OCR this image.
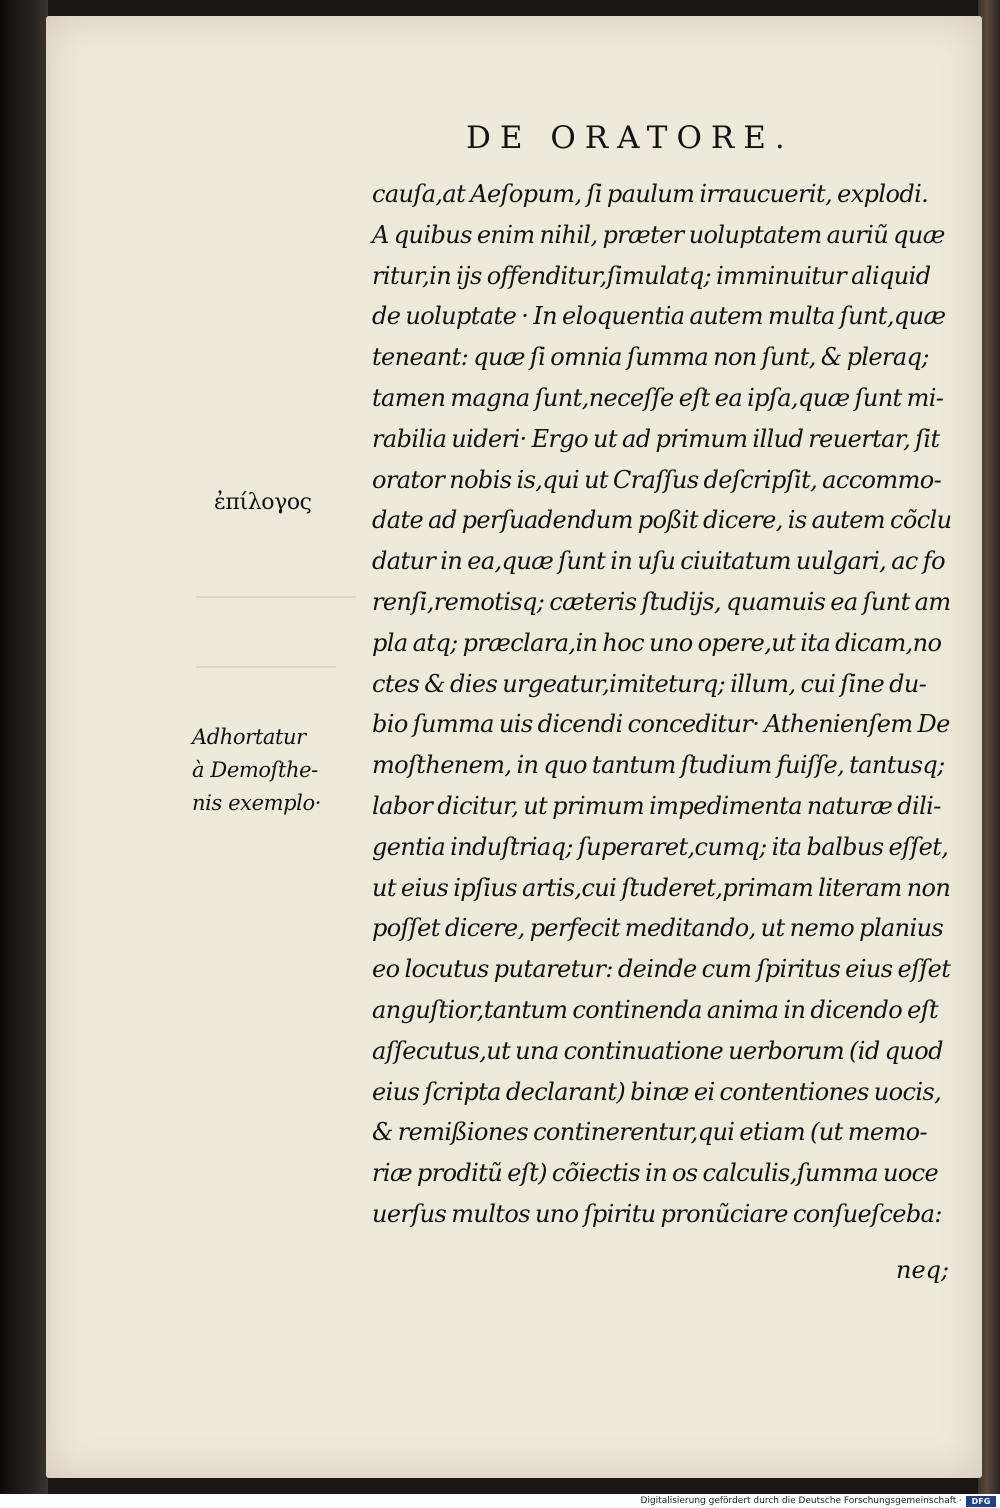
DE ORATORE.
ἐπίλογος
Adhortatur
à Demoſthe-
nis exemplo·
cauſa,at Aeſopum, ſi paulum irraucuerit, explodi.
A quibus enim nihil, præter uoluptatem auriũ quæ
ritur,in ijs offenditur,ſimulatq; imminuitur aliquid
de uoluptate · In eloquentia autem multa ſunt,quæ
teneant: quæ ſi omnia ſumma non ſunt, & pleraq;
tamen magna ſunt,neceſſe eſt ea ipſa,quæ ſunt mi-
rabilia uideri· Ergo ut ad primum illud reuertar, ſit
orator nobis is,qui ut Craſſus deſcripſit, accommo-
date ad perſuadendum poßit dicere, is autem cõclu
datur in ea,quæ ſunt in uſu ciuitatum uulgari, ac fo
renſi,remotisq; cæteris ſtudijs, quamuis ea ſunt am
pla atq; præclara,in hoc uno opere,ut ita dicam,no
ctes & dies urgeatur,imiteturq; illum, cui ſine du-
bio ſumma uis dicendi conceditur· Athenienſem De
moſthenem, in quo tantum ſtudium fuiſſe, tantusq;
labor dicitur, ut primum impedimenta naturæ dili-
gentia induſtriaq; ſuperaret,cumq; ita balbus eſſet,
ut eius ipſius artis,cui ſtuderet,primam literam non
poſſet dicere, perfecit meditando, ut nemo planius
eo locutus putaretur: deinde cum ſpiritus eius eſſet
anguſtior,tantum continenda anima in dicendo eſt
aſſecutus,ut una continuatione uerborum (id quod
eius ſcripta declarant) binæ ei contentiones uocis,
& remißiones continerentur,qui etiam (ut memo-
riæ proditũ eſt) cõiectis in os calculis,ſumma uoce
uerſus multos uno ſpiritu pronũciare conſueſceba:
neq;
Digitalisierung gefördert durch die Deutsche Forschungsgemeinschaft ·	DFG
